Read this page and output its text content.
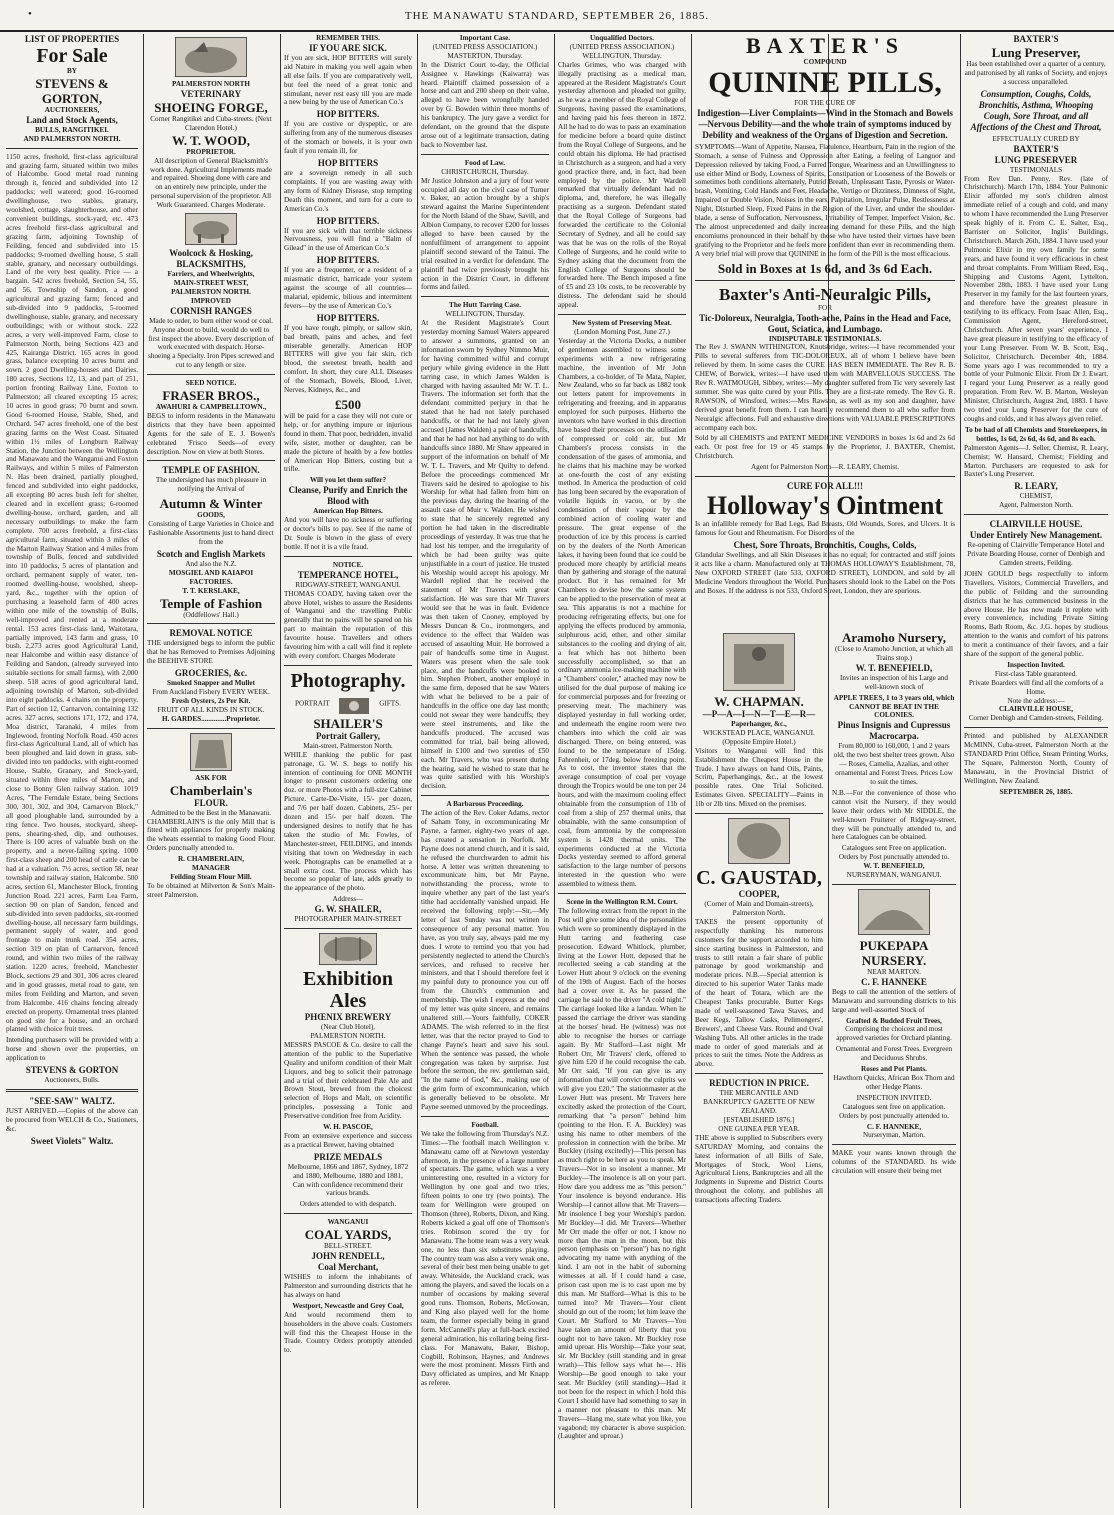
•	THE MANAWATU STANDARD, SEPTEMBER 26, 1885.
LIST OF PROPERTIES
For Sale
BY
STEVENS & GORTON,
AUCTIONEERS,
Land and Stock Agents,
BULLS, RANGITIKEI.
AND PALMERSTON NORTH.

1150 acres, freehold, first-class agricultural and grazing farm, situated within two miles of Halcombe. Good metal road running through it, fenced and subdivided into 12 paddocks; well watered; good 16-roomed dwellinghouse, two stables, granary, woolshed, cottage, slaughterhouse, and other convenient buildings, stock-yard, etc. 473 acres freehold first-class agricultural and grazing farm, adjoining Township of Feilding, fenced and subdivided into 15 paddocks; 9-roomed dwelling house, 5 stall stable, granary, and necessary outbuildings. Land of the very best quality. Price — a bargain. 542 acres freehold, Section 54, 55, and 56, Township of Sandon, a good agricultural and grazing farm; fenced and sub-divided into 9 paddocks, 5-roomed dwellinghouse, stable, granary, and necessary outbuildings; with or without stock. 222 acres, a very well-improved Farm, close to Palmerston North, being Sections 423 and 425, Kairanga District. 165 acres in good grass, balance excepting 10 acres burnt and sown. 2 good Dwelling-houses and Dairies. 180 acres, Sections 12, 13, and part of 251, portion fronting Railway Line, Foxton to Palmerston; all cleared excepting 15 acres; 10 acres in good grass; 70 burnt and sown. Good 6-roomed House, Stable, Shed, and Orchard. 547 acres freehold, one of the best grazing farms on the West Coast. Situated within 1½ miles of Longburn Railway Station, the Junction between the Wellington and Manawatu and the Wanganui and Foxton Railways, and within 5 miles of Palmerston N. Has been drained, partially ploughed, fenced and subdivided into eight paddocks, all excepting 80 acres bush left for shelter, cleared and in excellent grass; 6-roomed dwelling-house, orchard, garden, and all necessary outbuildings to make the farm complete. 700 acres freehold, a first-class agricultural farm, situated within 3 miles of the Marton Railway Station and 4 miles from township of Bulls, fenced and subdivided into 10 paddocks, 5 acres of plantation and orchard, permanent supply of water, ten-roomed dwelling-house, woolshed, sheep-yard, &c., together with the option of purchasing a leasehold farm of 400 acres within one mile of the township of Bulls, well-improved and rented at a moderate rental. 153 acres first-class land, Waitotara, partially improved, 143 farm and grass, 10 bush. 2,273 acres good Agricultural Land, near Halcombe and within easy distance of Feilding and Sandon, (already surveyed into suitable sections for small farms), with 2,000 sheep. 518 acres of good agricultural land, adjoining township of Marton, sub-divided into eight paddocks. 4 chains on the property. Part of section 12, Carnarvon, containing 132 acres. 327 acres, sections 171, 172, and 174, Moa district, Taranaki, 4 miles from Inglewood, fronting Norfolk Road. 450 acres first-class Agricultural Land, all of which has been ploughed and laid down in grass, sub-divided into ten paddocks, with eight-roomed House, Stable, Granary, and Stock-yard, situated within three miles of Marton, and close to Bonny Glen railway station. 1019 Acres, "The Ferndale Estate, being Sections 300, 301, 302, and 304, Carnarvon Block," all good ploughable land, surrounded by a ring fence. Two houses, stockyard, sheep-pens, shearing-shed, dip, and outhouses. There is 100 acres of valuable bush on the property, and a never-failing spring. 1000 first-class sheep and 200 head of cattle can be had at a valuation. 7½ acres, section 58, near township and railway station, Halcombe. 500 acres, section 61, Manchester Block, fronting Junction Road. 221 acres, Farm Lea Farm, section 90 on plan of Sandon, fenced and sub-divided into seven paddocks, six-roomed dwelling-house, all necessary farm buildings, permanent supply of water, and good frontage to main trunk road. 354 acres, section 319 on plan of Carnarvon, fenced round, and within two miles of the railway station. 1220 acres, freehold, Manchester Block, sections 29 and 301, 306 acres cleared and in good grasses, metal road to gate, ten miles from Feilding and Marton, and seven from Halcombe. 416 chains fencing already erected on property. Ornamental trees planted on good site for a house, and an orchard planted with choice fruit trees.

Intending purchasers will be provided with a horse and shown over the properties, on application to

STEVENS & GORTON
Auctioneers, Bulls.
"SEE-SAW" WALTZ.

JUST ARRIVED.—Copies of the above can be procured from WELCH & Co., Stationers, &c.

Sweet Violets" Waltz.
PALMERSTON NORTH
VETERINARY
SHOEING FORGE,
Corner Rangitikei and Cuba-streets. (Next Clarendon Hotel.)
W. T. WOOD,
PROPRIETOR.

All description of General Blacksmith's work done. Agricultural Implements made and repaired. Shoeing done with care and on an entirely new principle, under the personal supervision of the proprietor. All Work Guaranteed. Charges Moderate.

Woolcock & Hosking,
BLACKSMITHS,
Farriers, and Wheelwrights,
MAIN-STREET WEST,
PALMERSTON NORTH.
IMPROVED
CORNISH RANGES

Made to order, to burn either wood or coal. Anyone about to build, would do well to first inspect the above. Every description of work executed with despatch. Horse-shoeing a Specialty. Iron Pipes screwed and cut to any length or size.

SEED NOTICE.
FRASER BROS.,
AWAHURI & CAMPBELLTOWN.,

BEGS to inform residents in the Manawatu districts that they have been appointed Agents for the sale of E. J. Bowen's celebrated 'Frisco Seeds—of every description. Now on view at both Stores.

TEMPLE OF FASHION.

The undersigned has much pleasure in notifying the Arrival of

Autumn & Winter
GOODS,

Consisting of Large Varieties in Choice and Fashionable Assortments just to hand direct from the

Scotch and English Markets
And also the N.Z.
MOSGIEL AND KAIAPOI
FACTORIES.
T. T. KERSLAKE,
Temple of Fashion
(Oddfellows' Hall.)
REMOVAL NOTICE

THE undersigned begs to inform the public that he has Removed to Premises Adjoining the BEEHIVE STORE

GROCERIES, &c.
Smoked Snapper and Mullet
From Auckland Fishery EVERY WEEK.
Fresh Oysters, 2s Per Kit.
FRUIT OF ALL KINDS IN STOCK.
H. GARDES..............Proprietor.
ASK FOR
Chamberlain's
FLOUR.
Admitted to be the Best in the Manawatu.

CHAMBERLAIN'S is the only Mill that is fitted with appliances for properly making the wheats essential to making Good Flour. Orders punctually attended to.

R. CHAMBERLAIN,
MANAGER
Feilding Steam Flour Mill.

To be obtained at Milverton & Son's Main-street Palmerston.

REMEMBER THIS.
IF YOU ARE SICK.

If you are sick, HOP BITTERS will surely aid Nature in making you well again when all else fails. If you are comparatively well, but feel the need of a great tonic and stimulant, never rest easy till you are made a new being by the use of American Co.'s

HOP BITTERS.

If you are costive or dyspeptic, or are suffering from any of the numerous diseases of the stomach or bowels, it is your own fault if you remain ill, for

HOP BITTERS

are a sovereign remedy in all such complaints. If you are wasting away with any form of Kidney Disease, stop tempting Death this moment, and turn for a cure to American Co.'s

HOP BITTERS.

If you are sick with that terrible sickness Nervousness, you will find a "Balm of Gilead" in the use of American Co.'s

HOP BITTERS.

If you are a frequenter, or a resident of a miasmatic district, barricade your system against the scourge of all countries—malarial, epidemic, bilious and intermittent fevers—by the use of American Co.'s

HOP BITTERS.

If you have rough, pimply, or sallow skin, bad breath, pains and aches, and feel miserable generally. American HOP BITTERS will give you fair skin, rich blood, the sweetest breath, health and comfort. In short, they cure ALL Diseases of the Stomach, Bowels, Blood, Liver, Nerves, Kidneys, &c., and

£500

will be paid for a case they will not cure or help, or for anything impure or injurious found in them. That poor, bedridden, invalid wife, sister, mother or daughter, can be made the picture of health by a few bottles of American Hop Bitters, costing but a trifle.

Will you let them suffer?
Cleanse, Purify and Enrich the Blood with
American Hop Bitters.

And you will have no sickness or suffering or doctor's bills to pay. See if the name of Dr. Soule is blown in the glass of every bottle. If not it is a vile fraud.

NOTICE.
TEMPERANCE HOTEL,
RIDGWAY-STREET, WANGANUI.

THOMAS COADY, having taken over the above Hotel, wishes to assure the Residents of Wanganui and the travelling Public generally that no pains will be spared on his part to maintain the reputation of this favourite house. Travellers and others favouring him with a call will find it replete with every comfort. Charges Moderate

Photography.
PORTRAIT	GIFTS.
SHAILER'S
Portrait Gallery,
Main-street, Palmerston North.

WHILE thanking the public for past patronage, G. W. S. begs to notify his intention of continuing for ONE MONTH longer to present customers ordering one doz. or more Photos with a full-size Cabinet Picture. Carte-De-Visite, 15/- per dozen, and 7/6 per half dozen. Cabinets, 25/- per dozen and 15/- per half dozen. The undersigned desires to notify that he has taken the studio of Mr. Fowles, of Manchester-street, FEILDING, and intends visiting that town on Wednesday in each week. Photographs can be enamelled at a small extra cost. The process which has become so popular of late, adds greatly to the appearance of the photo.

Address—
G. W. SHAILER,
PHOTOGRAPHER MAIN-STREET
Exhibition Ales
PHŒNIX BREWERY
(Near Club Hotel),
PALMERSTON NORTH.

MESSRS PASCOE & Co. desire to call the attention of the public to the Superlative Quality and uniform condition of their Malt Liquors, and beg to solicit their patronage and a trial of their celebrated Pale Ale and Brown Stout, brewed from the choicest selection of Hops and Malt, on scientific principles, possessing a Tonic and Preservative condition free from Acidity.

W. H. PASCOE,

From an extensive experience and success as a practical Brewer, having obtained

PRIZE MEDALS
Melbourne, 1866 and 1867, Sydney, 1872 and 1880, Melbourne, 1880 and 1881,

Can with confidence recommend their various brands.

Orders attended to with despatch.
WANGANUI
COAL YARDS,
BELL-STREET.
JOHN RENDELL,
Coal Merchant,

WISHES to inform the inhabitants of Palmerston and surrounding districts that he has always on hand

Westport, Newcastle and Grey Coal,

And would recommend them to householders in the above coals. Customers will find this the Cheapest House in the Trade. Country Orders promptly attended to.

Important Case.
(UNITED PRESS ASSOCIATION.)
MASTERTON, Thursday.

In the District Court to-day, the Official Assignee v. Hawkings (Kaiwarra) was heard. Plaintiff claimed possession of a horse and cart and 200 sheep on their value, alleged to have been wrongfully handed over by G. Bowden within three months of his bankruptcy. The jury gave a verdict for defendant, on the ground that the dispute arose out of a legitimate transaction, dating back to November last.

Food of Law.
CHRISTCHURCH, Thursday.

Mr Justice Johnston and a jury of four were occupied all day on the civil case of Turner v. Baker, an action brought by a ship's steward against the Marine Superintendent for the North Island of the Shaw, Savill, and Albion Company, to recover £200 for losses alleged to have been caused by the nonfulfilment of arrangement to appoint plaintiff second steward of the Tainui. The trial resulted in a verdict for defendant. The plaintiff had twice previously brought his action in the District Court, in different forms and failed.

The Hutt Tarring Case.
WELLINGTON, Thursday.

At the Resident Magistrate's Court yesterday morning Samuel Waters appeared to answer a summons, granted on an information sworn by Sydney Nimmo Muir, for having committed wilful and corrupt perjury while giving evidence in the Hutt tarring case, in which James Walden is charged with having assaulted Mr W. T. L. Travers. The information set forth that the defendant committed perjury in that he stated that he had not lately purchased handcuffs, or that he had not lately given accused (James Walden) a pair of handcuffs, and that he had not had anything to do with handcuffs since 1880. Mr Shaw appeared in support of the information on behalf of Mr W. T. L. Travers, and Mr Quilty to defend. Before the proceedings commenced Mr Travers said he desired to apologise to his Worship for what had fallen from him on the previous day, during the hearing of the assault case of Muir v. Walden. He wished to state that he sincerely regretted any portion he had taken in the discreditable proceedings of yesterday. It was true that he had lost his temper, and the irregularity of which he had been guilty was quite unjustifiable in a court of justice. He trusted his Worship would accept his apology. Mr Wardell replied that he received the statement of Mr Travers with great satisfaction. He was sure that Mr Travers would see that he was in fault. Evidence was then taken of Cooney, employed by Messrs Duncan & Co., ironmongers, and evidence to the effect that Walden was accused of assaulting Muir. He borrowed a pair of handcuffs some time in August. Waters was present when the sale took place, and the handcuffs were booked to him. Stephen Probert, another employé in the same firm, deposed that he saw Waters with what he believed to be a pair of handcuffs in the office one day last month; could not swear they were handcuffs; they were steel instruments, and like the handcuffs produced. The accused was committed for trial, bail being allowed, himself in £100 and two sureties of £50 each. Mr Travers, who was present during the hearing, said he wished to state that he was quite satisfied with his Worship's decision.

A Barbarous Proceeding.

The action of the Rev. Coker Adams, rector of Saham Tony, in excommunicating Mr Payne, a farmer, eighty-two years of age, has created a sensation in Norfolk. Mr Payne does not attend church, and it is said, he refused the churchwarden to admit his horse. A letter was written threatening to excommunicate him, but Mr Payne, notwithstanding the process, wrote to inquire whether any part of the last year's tithe had accidentally vanished unpaid. He received the following reply:—Sir,—My letter of last Sunday was not written in consequence of any personal matter. You have, as you truly say, always paid me my dues. I wrote to remind you that you had persistently neglected to attend the Church's services, and refused to receive her ministers, and that I should therefore feel it my painful duty to pronounce you cut off from the Church's communion and membership. The wish I express at the end of my letter was quite sincere, and remains unaltered still.—Yours faithfully, COKER ADAMS. The wish referred to in the first letter, was that the rector prayed to God to change Payne's heart and save his soul. When the sentence was passed, the whole congregation was taken by surprise. Just before the sermon, the rev. gentleman said, "In the name of God," &c., making use of the grim form of excommunication, which is generally believed to be obsolete. Mr Payne seemed unmoved by the proceedings.

Football.

We take the following from Thursday's N.Z. Times:—The football match Wellington v. Manawatu came off at Newtown yesterday afternoon, in the presence of a large number of spectators. The game, which was a very uninteresting one, resulted in a victory for Wellington by one goal and two tries, fifteen points to one try (two points). The team for Wellington were grouped on Thomson (three), Roberts, Dixon, and King. Roberts kicked a goal off one of Thomson's tries. Robinson scored the try for Manawatu. The home team was a very weak one, no less than six substitutes playing. The country team was also a very weak one, several of their best men being unable to get away. Whiteside, the Auckland crack, was among the players, and saved the locals on a number of occasions by making several good runs. Thomson, Roberts, McGowan, and King also played well for the home team, the former especially being in grand form. McCannell's play at full-back excited general admiration, his collaring being first-class. For Manawatu, Baker, Bishop, Cogbill, Robinson, Haynes, and Andrews were the most prominent. Messrs Firth and Davy officiated as umpires, and Mr Knapp as referee.

Unqualified Doctors.
(UNITED PRESS ASSOCIATION.)
WELLINGTON, Thursday.

Charles Grimes, who was charged with illegally practising as a medical man, appeared at the Resident Magistrate's Court yesterday afternoon and pleaded not guilty, as he was a member of the Royal College of Surgeons, having passed the examinations, and having paid his fees thereon in 1872. All he had to do was to pass an examination for medicine before a board quite distinct from the Royal College of Surgeons, and he could obtain his diploma. He had practised in Christchurch as a surgeon, and had a very good practice there, and, in fact, had been employed by the police. Mr Wardell remarked that virtually defendant had no diploma, and, therefore, he was illegally practising as a surgeon. Defendant stated that the Royal College of Surgeons had forwarded the certificate to the Colonial Secretary of Sydney, and all he could say was that he was on the rolls of the Royal College of Surgeons, and he could write to Sydney asking that the document from the English College of Surgeons should be forwarded here. The Bench imposed a fine of £5 and 23 10s costs, to be recoverable by distress. The defendant said he should appeal.

New System of Preserving Meat.
(London Morning Post, June 27.)

Yesterday at the Victoria Docks, a number of gentlemen assembled to witness some experiments with a new refrigerating machine, the invention of Mr John Chambers, a co-holder, of Te Mata, Napier, New Zealand, who so far back as 1882 took out letters patent for improvements in refrigerating and freezing, and in apparatus employed for such purposes. Hitherto the inventors who have worked in this direction have based their processes on the utilisation of compressed or cold air, but Mr Chambers's process consists in the condensation of the gases of ammonia, and he claims that his machine may be worked at one-fourth the cost of any existing method. In America the production of cold has long been secured by the evaporation of volatile liquids in vacuo, or by the condensation of their vapour by the combined action of cooling water and pressure. The great expense of the production of ice by this process is carried on by the dealers of the North American lakes, it having been found that ice could be produced more cheaply by artificial means than by gathering and storage of the natural product. But it has remained for Mr Chambers to devise how the same system can be applied to the preservation of meat at sea. This apparatus is not a machine for producing refrigerating effects, but one for applying the effects produced by ammonia, sulphurous acid, ether, and other similar substances to the cooling and drying of air, a feat which has not hitherto been successfully accomplished, so that an ordinary ammonia ice-making machine with a "Chambers' cooler," attached may now be utilised for the dual purpose of making ice for commercial purposes and for freezing or preserving meat. The machinery was displayed yesterday in full working order, and underneath the engine room were two chambers into which the cold air was discharged. There, on being entered, was found to be the temperature of 15deg. Fahrenheit, or 17deg. below freezing point. As to cost, the inventor states that the average consumption of coal per voyage through the Tropics would be one ton per 24 hours, and with the maximum cooling effect obtainable from the consumption of 11b of coal from a ship of 257 thermal units, that obtainable, with the same consumption of coal, from ammonia by the compression system is 1428 thermal units. The experiments conducted at the Victoria Docks yesterday seemed to afford general satisfaction to the large number of persons interested in the question who were assembled to witness them.

Scene in the Wellington R.M. Court.

The following extract from the report in the Post will give some idea of the personalities which were so prominently displayed in the Hutt tarring and feathering case prosecution. Edward Whitlock, plumber, living at the Lower Hutt, deposed that he recollected seeing a cab standing at the Lower Hutt about 9 o'clock on the evening of the 19th of August. Each of the horses had a cover over it. As he passed the carriage he said to the driver "A cold night." The carriage looked like a landau. When he passed the carriage the driver was standing at the horses' head. He (witness) was not able to recognise the horses or carriage again. By Mr Stafford—Last night Mr Robert Orr, Mr Travers' clerk, offered to give him £20 if he could recognise the cab. Mr Orr said, "If you can give us any information that will convict the culprits we will give you £20." The stationmaster at the Lower Hutt was present. Mr Travers here excitedly asked the protection of the Court, remarking that "a person" behind him (pointing to the Hon. F. A. Buckley) was using his name to other members of the profession in connection with the bribe. Mr Buckley (rising excitedly)—This person has as much right to be here as you to speak. Mr Travers—Not in so insolent a manner. Mr Buckley—The insolence is all on your part. How dare you address me as "this person." Your insolence is beyond endurance. His Worship—I cannot allow that. Mr Travers—Mr insolence I beg your Worship's pardon. Mr Buckley—I did. Mr Travers—Whether Mr Orr made the offer or not, I know no more than the man in the moon, but this person (emphasis on "person") has no right advocating my name with anything of the kind. I am not in the habit of suborning witnesses at all. If I could hand a case, prison cast upon me is to cast upon me by this man. Mr Stafford—What is this to be turned into? Mr Travers—Your client should go out of the room; let him leave the Court. Mr Stafford to Mr Travers—You have taken an amount of liberty that you ought not to have taken. Mr Buckley rose amid uproar. His Worship—Take your seat, sir. Mr Buckley (still standing and in great wrath)—This fellow says what he—. His Worship—Be good enough to take your seat. Mr Buckley (still standing)—Had it not been for the respect in which I hold this Court I should have had something to say in a manner not pleasant to this man. Mr Travers—Hang me, state what you like, you vagabond; my character is above suspicion. (Laughter and uproar.)

BAXTER'S
COMPOUND
QUININE PILLS,
FOR THE CURE OF

Indigestion—Liver Complaints—Wind in the Stomach and Bowels—Nervous Debility—and the whole train of symptoms induced by Debility and weakness of the Organs of Digestion and Secretion.

SYMPTOMS—Want of Appetite, Nausea, Flatulence, Heartburn, Pain in the region of the Stomach, a sense of Fulness and Oppression after Eating, a feeling of Languor and Depression relieved by taking Food, a Furred Tongue, Weariness and an Unwillingness to use either Mind or Body, Lowness of Spirits, Constipation or Looseness of the Bowels or sometimes both conditions alternately, Putrid Breath, Unpleasant Taste, Pyrosis or Water-brash, Vomiting, Cold Hands and Feet, Headache, Vertigo or Dizziness, Dimness of Sight, Impaired or Double Vision, Noises in the ears, Palpitation, Irregular Pulse, Restlessness at Night, Disturbed Sleep, Fixed Pains in the Region of the Liver, and under the shoulder-blade, a sense of Suffocation, Nervousness, Irritability of Temper, Imperfect Vision, &c. The almost unprecedented and daily increasing demand for these Pills, and the high encomiums pronounced in their behalf by those who have tested their virtues have been gratifying to the Proprietor and he feels more confident than ever in recommending them. A very brief trial will prove that QUININE in the form of the Pill is the most efficacious.

Sold in Boxes at 1s 6d, and 3s 6d Each.
Baxter's Anti-Neuralgic Pills,
FOR
Tic-Doloreux, Neuralgia, Tooth-ache, Pains in the Head and Face, Gout, Sciatica, and Lumbago.
INDISPUTABLE TESTIMONIALS.

The Rev J. SWANN WITHINGTON, Knutsbridge, writes:—I have recommended your Pills to several sufferers from TIC-DOLOREUX, all of whom I believe have been relieved by them. In some cases the CURE HAS BEEN IMMEDIATE. The Rev R. B. CHEW, of Borwick, writes:—I have used them with MARVELLOUS SUCCESS. The Rev R. WATMOUGH, Sibbey, writes:—My daughter suffered from Tic very severely last summer. She was quite cured by your Pills. They are a first-rate remedy. The Rev G. R. RAWSON, of Winsford, writes:—Mrs Rawson, as well as my son and daughter, have derived great benefit from them. I can heartily recommend them to all who suffer from Neuralgic affections. Full and exhaustive directions with VALUABLE PRESCRIPTIONS accompany each box.

Sold by all CHEMISTS and PATENT MEDICINE VENDORS in boxes 1s 6d and 2s 6d each. Or post free for 19 or 45 stamps by the Proprietor, J. BAXTER, Chemist, Christchurch.

Agent for Palmerston North—R. LEARY, Chemist.
CURE FOR ALL!!!
Holloway's Ointment

Is an infallible remedy for Bad Legs, Bad Breasts, Old Wounds, Sores, and Ulcers. It is famous for Gout and Rheumatism. For Disorders of the

Chest, Sore Throats, Bronchitis, Coughs, Colds,

Glandular Swellings, and all Skin Diseases it has no equal; for contracted and stiff joints it acts like a charm. Manufactured only at THOMAS HOLLOWAY'S Establishment, 78, New OXFORD STREET (late 533, OXFORD STREET), LONDON, and sold by all Medicine Vendors throughout the World. Purchasers should look to the Label on the Pots and Boxes. If the address is not 533, Oxford Street, London, they are spurious.

W. CHAPMAN.
—P—A—I—N—T—E—R—
Paperhanger, &c.,
WICKSTEAD PLACE, WANGANUI. (Opposite Empire Hotel.)

Visitors to Wanganui will find this Establishment the Cheapest House in the Trade. I have always on hand Oils, Paints, Scrim, Paperhangings, &c., at the lowest possible rates. One Trial Solicited. Estimates Given. SPECIALITY—Paints in 1lb or 2lb tins. Mixed on the premises.

C. GAUSTAD,
COOPER,
(Corner of Main and Domain-streets), Palmerston North.

TAKES the present opportunity of respectfully thanking his numerous customers for the support accorded to him since starting business in Palmerston, and trusts to still retain a fair share of public patronage by good workmanship and moderate prices. N.B.—Special attention is directed to his superior Water Tanks made of the heart of Totara, which are the Cheapest Tanks procurable. Butter Kegs made of well-seasoned Tawa Staves, and Beer Kegs, Tallow Casks, Pelimongers', Brewers', and Cheese Vats. Round and Oval Washing Tubs. All other articles in the trade made to order of good materials and at prices to suit the times. Note the Address as above.

REDUCTION IN PRICE.
THE MERCANTILE AND BANKRUPTCY GAZETTE OF NEW ZEALAND.
[ESTABLISHED 1876.]
ONE GUINEA PER YEAR.

THE above is supplied to Subscribers every SATURDAY Morning, and contains the latest information of all Bills of Sale, Mortgages of Stock, Wool Liens, Agricultural Liens, Bankruptcies and all the Judgments in Supreme and District Courts throughout the colony, and publishes all transactions affecting Traders.

Aramoho Nursery,
(Close to Aramoho Junction, at which all Trains stop.)
W. T. BENEFIELD,

Invites an inspection of his Large and well-known stock of

APPLE TREES, 1 to 3 years old, which
CANNOT BE BEAT IN THE COLONIES.
Pinus Insignis and Cupressus Macrocarpa.

From 80,000 to 160,000, 1 and 2 years old, the two best shelter trees grown. Also— Roses, Camelia, Azalias, and other ornamental and Forest Trees. Prices Low to suit the times.

N.B.—For the convenience of those who cannot visit the Nursery, if they would leave their orders with Mr SIDDLE, the well-known Fruiterer of Ridgway-street, they will be punctually attended to, and here Catalogues can be obtained.

Catalogues sent Free on application.
Orders by Post punctually attended to.
W. T. BENEFIELD,
NURSERYMAN, WANGANUI.
PUKEPAPA NURSERY.
NEAR MARTON.
C. F. HANNEKE

Begs to call the attention of the settlers of Manawatu and surrounding districts to his large and well-assorted Stock of

Grafted & Budded Fruit Trees,

Comprising the choicest and most approved varieties for Orchard planting.

Ornamental and Forest Trees. Evergreen and Deciduous Shrubs.

Roses and Pot Plants.

Hawthorn Quicks, African Box Thorn and other Hedge Plants.

INSPECTION INVITED.

Catalogues sent free on application. Orders by post punctually attended to.

C. F. HANNEKE,
Nurseryman, Marton.

MAKE your wants known through the columns of the STANDARD. Its wide circulation will ensure their being met

BAXTER'S
Lung Preserver,

Has been established over a quarter of a century, and patronised by all ranks of Society, and enjoys a success unparalleled.

Consumption, Coughs, Colds, Bronchitis, Asthma, Whooping Cough, Sore Throat, and all Affections of the Chest and Throat,

EFFECTUALLY CURED BY
BAXTER'S
LUNG PRESERVER
TESTIMONIALS

From Rev Dan. Penny, Rev. (late of Christchurch). March 17th, 1884. Your Pulmonic Elixir afforded my son's children almost immediate relief of a cough and cold, and many to whom I have recommended the Lung Preserver speak highly of it. From C. E. Salter, Esq., Barrister on Solicitor, Inglis' Buildings, Christchurch. March 26th, 1884. I have used your Pulmonic Elixir in my own family for some years, and have found it very efficacious in chest and throat complaints. From William Reed, Esq., Shipping and Customs Agent, Lyttelton, November 28th, 1883. I have used your Lung Preserver in my family for the last fourteen years, and therefore have the greatest pleasure in testifying to its efficacy. From Isaac Allen, Esq., Commission Agent, Hereford-street, Christchurch. After seven years' experience, I have great pleasure in testifying to the efficacy of your Lung Preserver. From W. B. Scott, Esq., Solicitor, Christchurch. December 4th, 1884. Some years ago I was recommended to try a bottle of your Pulmonic Elixir. From Dr J. Ewart. I regard your Lung Preserver as a really good preparation. From Rev. W. B. Marton, Wesleyan Minister, Christchurch, August 2nd, 1883. I have two tried your Lung Preserver for the cure of coughs and colds, and it has always given relief.

To be had of all Chemists and Storekeepers, in bottles, 1s 6d, 2s 6d, 4s 6d, and 8s each.

Palmerston Agents—J. Seller, Chemist, R. Leary, Chemist; W. Hansard, Chemist; Fielding and Marton. Purchasers are requested to ask for Baxter's Lung Preserver.

R. LEARY,
CHEMIST,
Agent, Palmerston North.
CLAIRVILLE HOUSE.
Under Entirely New Management.

Re-opening of Clairville Temperance Hotel and Private Boarding House, corner of Denbigh and Camden streets, Feilding.

JOHN GOULD begs respectfully to inform Travellers, Visitors, Commercial Travellers, and the public of Feilding and the surrounding districts that he has commenced business in the above House. He has now made it replete with every convenience, including Private Sitting Rooms, Bath Room, &c. J.G. hopes by studious attention to the wants and comfort of his patrons to merit a continuance of their favors, and a fair share of the support of the general public.

Inspection Invited.
First-class Table guaranteed.
Private Boarders will find all the comforts of a Home.
Note the address:—
CLAIRVILLE HOUSE,
Corner Denbigh and Camden-streets, Feilding.

Printed and published by ALEXANDER McMINN, Cuba-street, Palmerston North at the STANDARD Print Office, Steam Printing Works, The Square, Palmerston North, County of Manawatu, in the Provincial District of Wellington, New Zealand.

SEPTEMBER 26, 1885.
